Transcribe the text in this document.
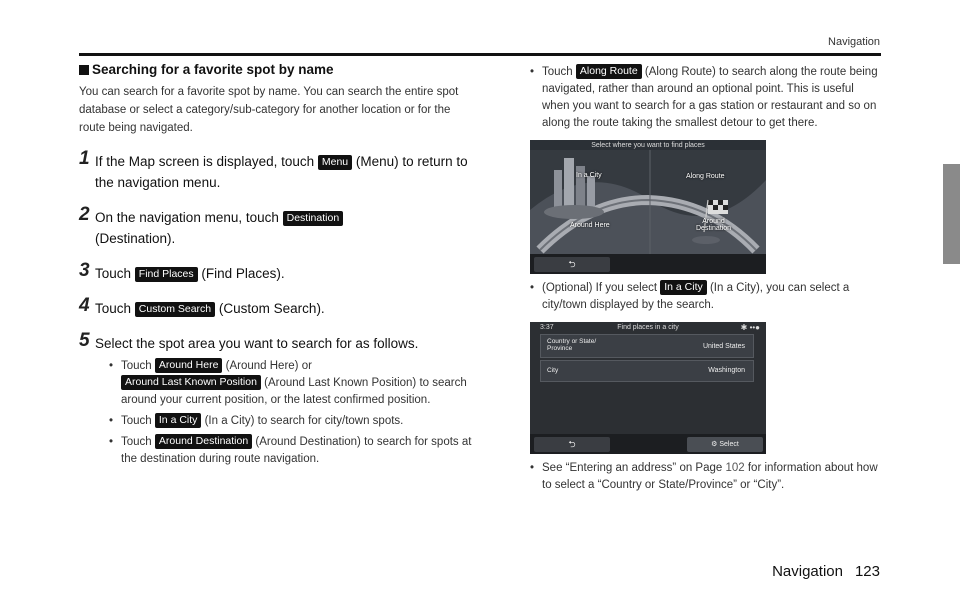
Navigation
Searching for a favorite spot by name
You can search for a favorite spot by name. You can search the entire spot database or select a category/sub-category for another location or for the route being navigated.
1 If the Map screen is displayed, touch Menu (Menu) to return to the navigation menu.
2 On the navigation menu, touch Destination
(Destination).
3 Touch Find Places (Find Places).
4 Touch Custom Search (Custom Search).
5 Select the spot area you want to search for as follows.
• Touch Around Here (Around Here) or
Around Last Known Position (Around Last Known Position) to search around your current position, or the latest confirmed position.
• Touch In a City (In a City) to search for city/town spots.
• Touch Around Destination (Around Destination) to search for spots at the destination during route navigation.
• Touch Along Route (Along Route) to search along the route being navigated, rather than around an optional point. This is useful when you want to search for a gas station or restaurant and so on along the route taking the smallest detour to get there.
Select where you want to find places
In a City	Along Route
Around Here
Around
Destination
⮌
• (Optional) If you select In a City (In a City), you can select a city/town displayed by the search.
3:37	Find places in a city	✱ ••●
Country or State/
Province	United States
City	Washington
⮌	⚙ Select
• See “Entering an address” on Page 102 for information about how to select a “Country or State/Province” or “City”.
Navigation 123
